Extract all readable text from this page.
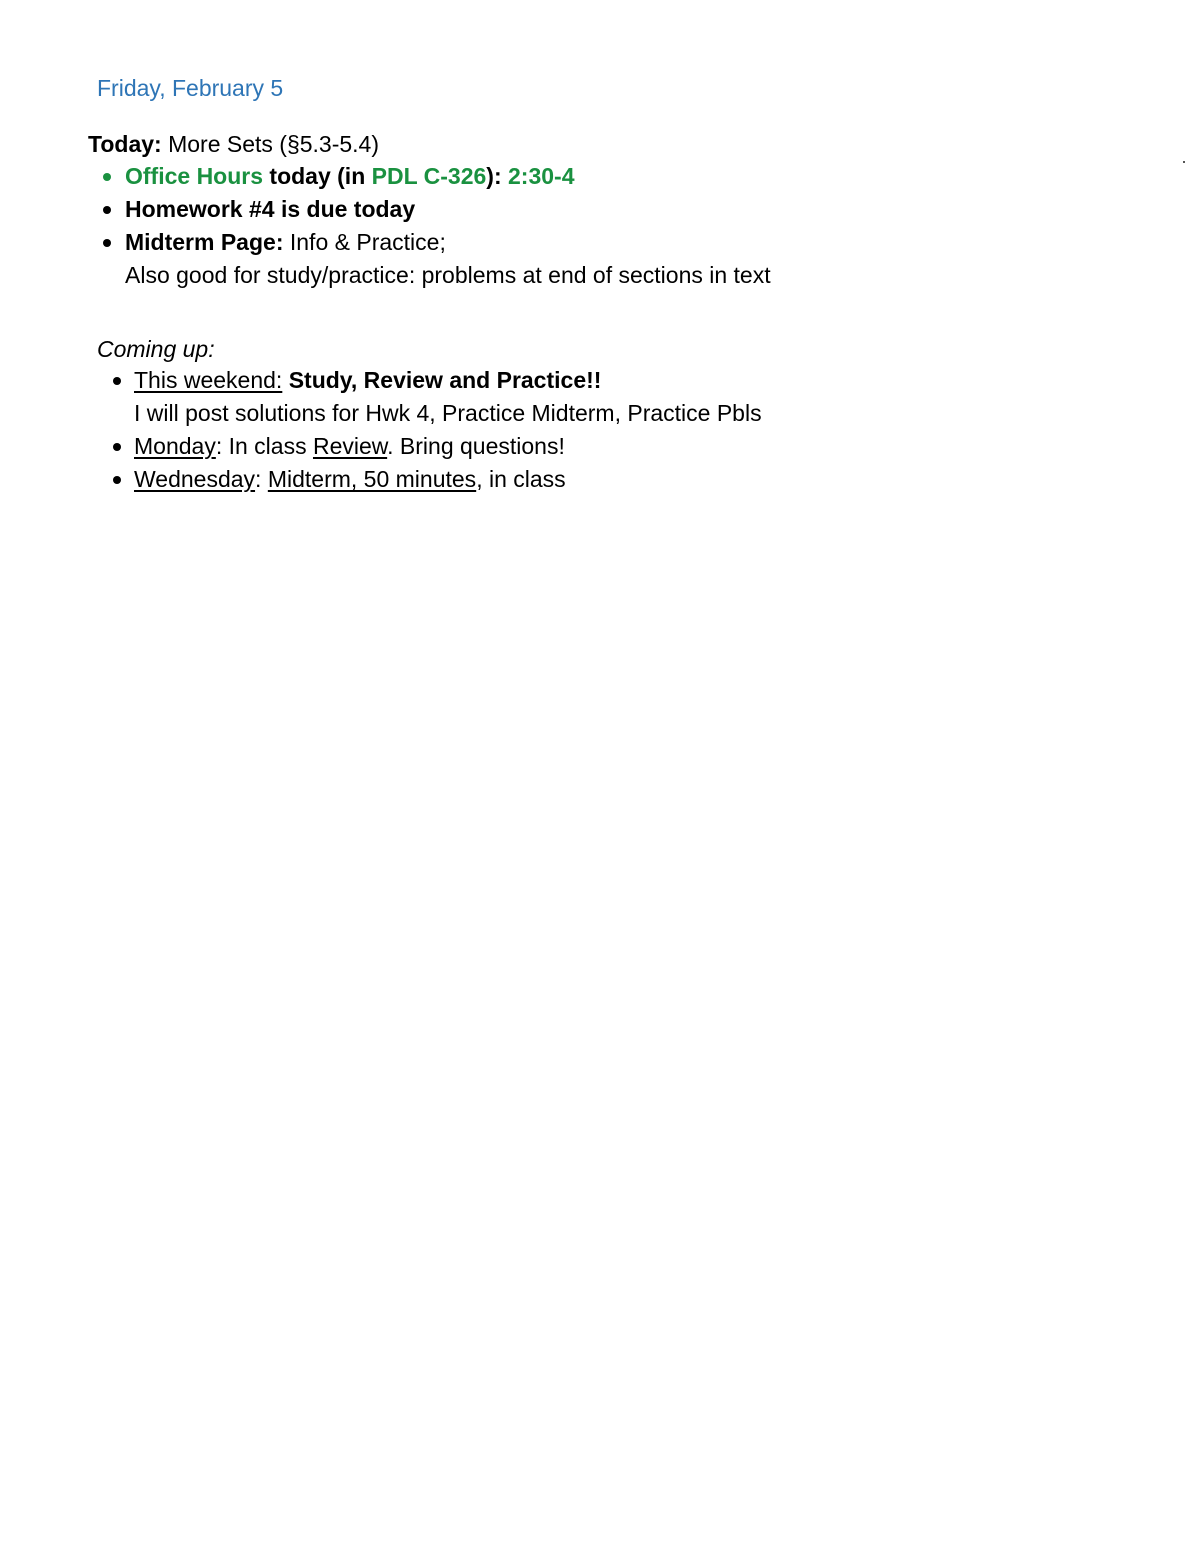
Friday, February 5
Today: More Sets (§5.3-5.4)
Office Hours today (in PDL C-326): 2:30-4
Homework #4 is due today
Midterm Page: Info & Practice;
Also good for study/practice: problems at end of sections in text
Coming up:
This weekend: Study, Review and Practice!!
I will post solutions for Hwk 4, Practice Midterm, Practice Pbls
Monday: In class Review. Bring questions!
Wednesday: Midterm, 50 minutes, in class
